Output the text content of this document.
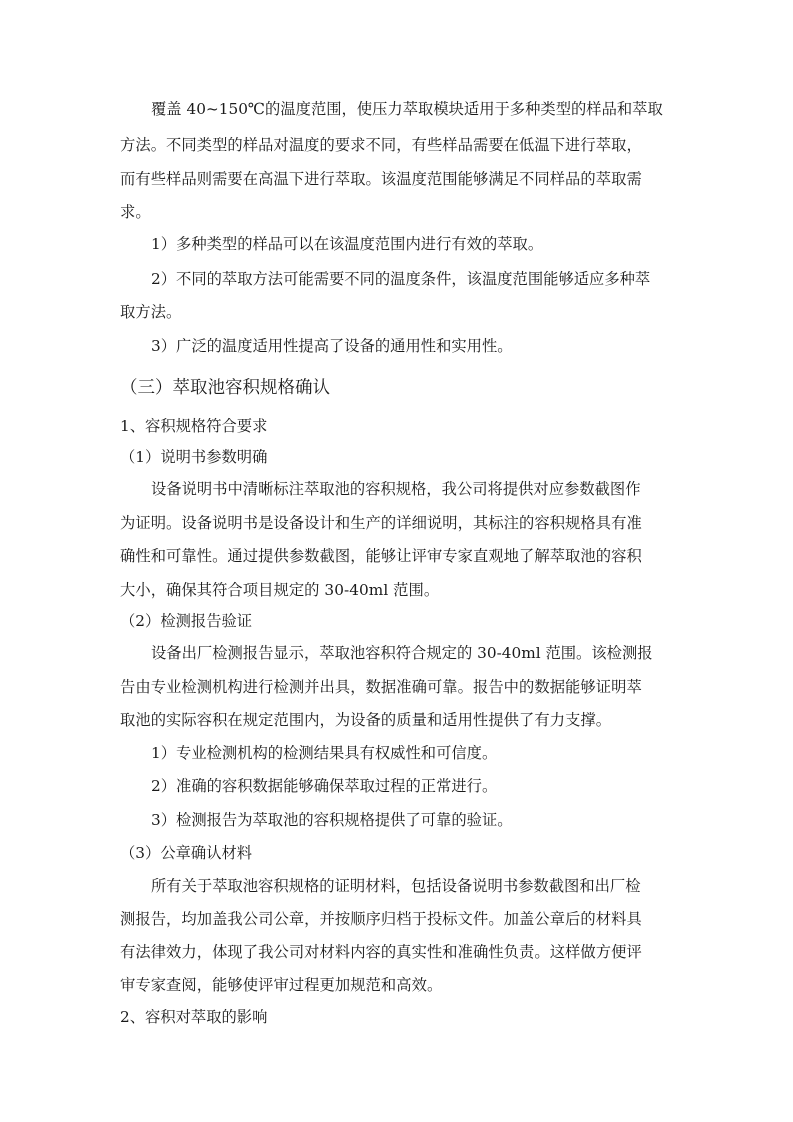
覆盖 40~150℃的温度范围，使压力萃取模块适用于多种类型的样品和萃取
方法。不同类型的样品对温度的要求不同，有些样品需要在低温下进行萃取，
而有些样品则需要在高温下进行萃取。该温度范围能够满足不同样品的萃取需
求。
1）多种类型的样品可以在该温度范围内进行有效的萃取。
2）不同的萃取方法可能需要不同的温度条件，该温度范围能够适应多种萃
取方法。
3）广泛的温度适用性提高了设备的通用性和实用性。
（三）萃取池容积规格确认
1、容积规格符合要求
（1）说明书参数明确
设备说明书中清晰标注萃取池的容积规格，我公司将提供对应参数截图作
为证明。设备说明书是设备设计和生产的详细说明，其标注的容积规格具有准
确性和可靠性。通过提供参数截图，能够让评审专家直观地了解萃取池的容积
大小，确保其符合项目规定的 30-40ml 范围。
（2）检测报告验证
设备出厂检测报告显示，萃取池容积符合规定的 30-40ml 范围。该检测报
告由专业检测机构进行检测并出具，数据准确可靠。报告中的数据能够证明萃
取池的实际容积在规定范围内，为设备的质量和适用性提供了有力支撑。
1）专业检测机构的检测结果具有权威性和可信度。
2）准确的容积数据能够确保萃取过程的正常进行。
3）检测报告为萃取池的容积规格提供了可靠的验证。
（3）公章确认材料
所有关于萃取池容积规格的证明材料，包括设备说明书参数截图和出厂检
测报告，均加盖我公司公章，并按顺序归档于投标文件。加盖公章后的材料具
有法律效力，体现了我公司对材料内容的真实性和准确性负责。这样做方便评
审专家查阅，能够使评审过程更加规范和高效。
2、容积对萃取的影响
